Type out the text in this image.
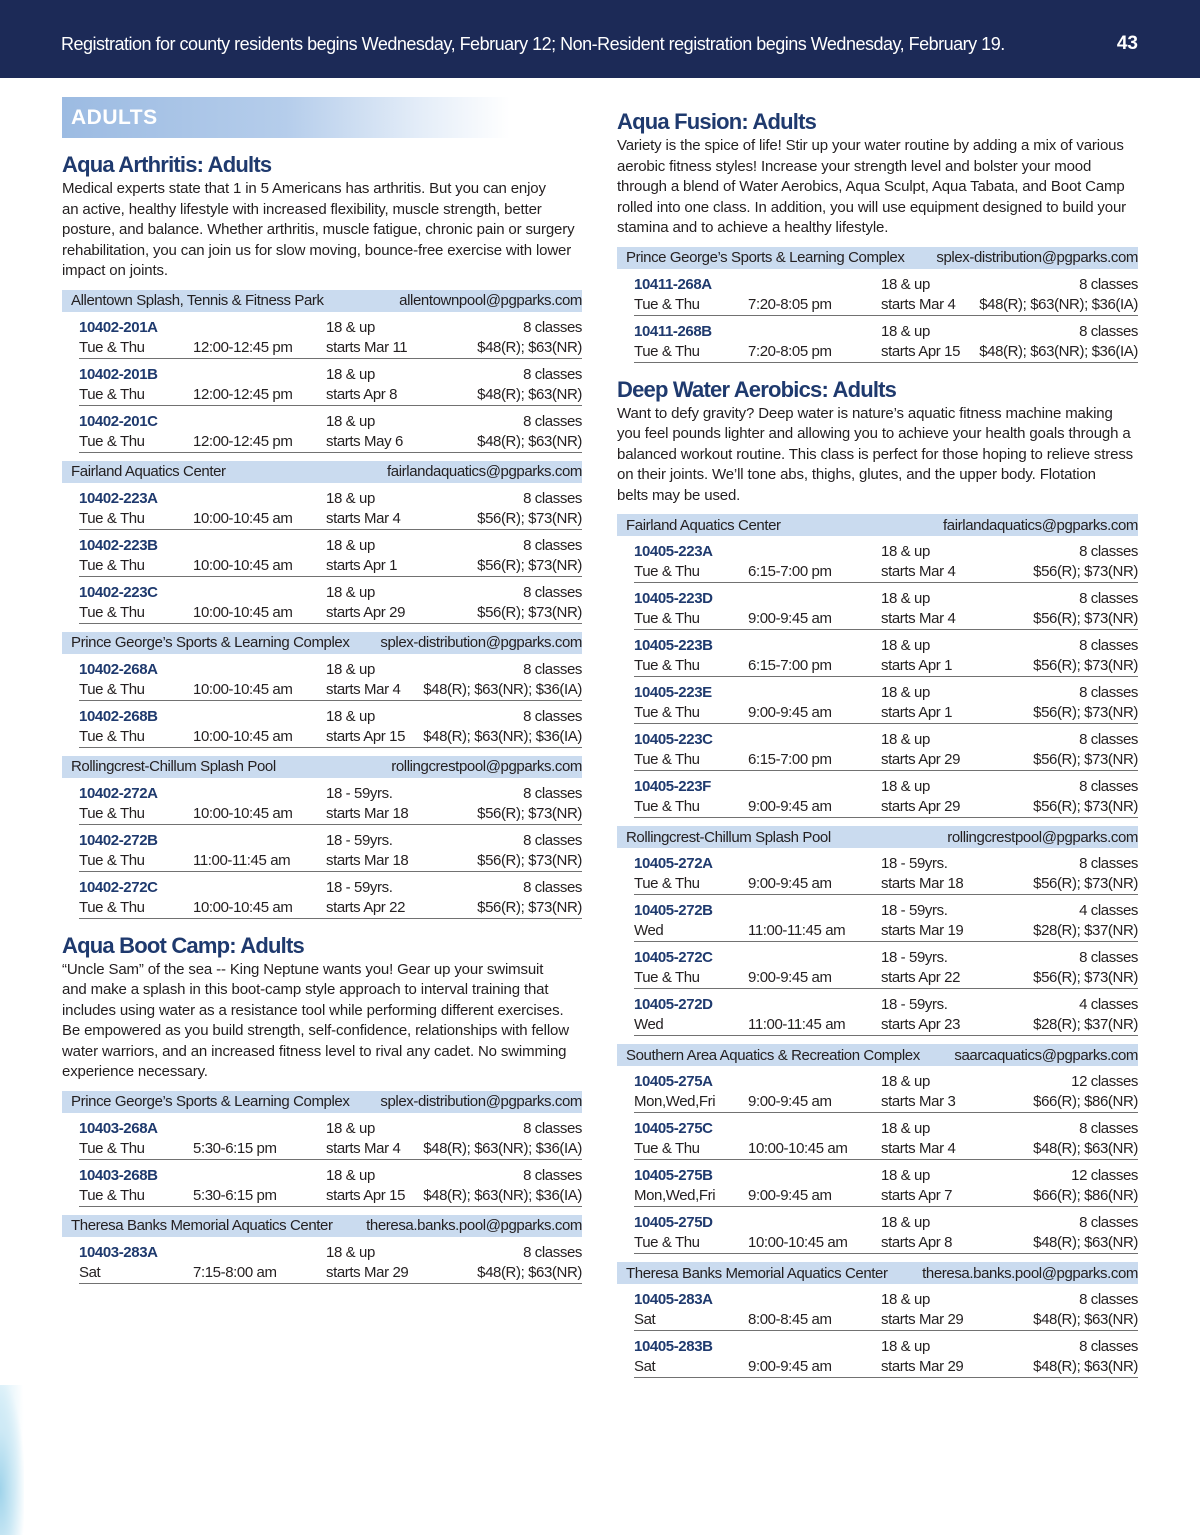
Registration for county residents begins Wednesday, February 12; Non-Resident registration begins Wednesday, February 19.	43
ADULTS
Aqua Arthritis: Adults
Medical experts state that 1 in 5 Americans has arthritis. But you can enjoy
an active, healthy lifestyle with increased flexibility, muscle strength, better
posture, and balance. Whether arthritis, muscle fatigue, chronic pain or surgery
rehabilitation, you can join us for slow moving, bounce-free exercise with lower
impact on joints.
Allentown Splash, Tennis & Fitness Park	allentownpool@pgparks.com
10402-201A	18 & up	8 classes
Tue & Thu	12:00-12:45 pm	starts Mar 11	$48(R); $63(NR)
10402-201B	18 & up	8 classes
Tue & Thu	12:00-12:45 pm	starts Apr 8	$48(R); $63(NR)
10402-201C	18 & up	8 classes
Tue & Thu	12:00-12:45 pm	starts May 6	$48(R); $63(NR)
Fairland Aquatics Center	fairlandaquatics@pgparks.com
10402-223A	18 & up	8 classes
Tue & Thu	10:00-10:45 am	starts Mar 4	$56(R); $73(NR)
10402-223B	18 & up	8 classes
Tue & Thu	10:00-10:45 am	starts Apr 1	$56(R); $73(NR)
10402-223C	18 & up	8 classes
Tue & Thu	10:00-10:45 am	starts Apr 29	$56(R); $73(NR)
Prince George’s Sports & Learning Complex splex-distribution@pgparks.com
10402-268A	18 & up	8 classes
Tue & Thu	10:00-10:45 am	starts Mar 4	$48(R); $63(NR); $36(IA)
10402-268B	18 & up	8 classes
Tue & Thu	10:00-10:45 am	starts Apr 15	$48(R); $63(NR); $36(IA)
Rollingcrest-Chillum Splash Pool	rollingcrestpool@pgparks.com
10402-272A	18 - 59yrs.	8 classes
Tue & Thu	10:00-10:45 am	starts Mar 18	$56(R); $73(NR)
10402-272B	18 - 59yrs.	8 classes
Tue & Thu	11:00-11:45 am	starts Mar 18	$56(R); $73(NR)
10402-272C	18 - 59yrs.	8 classes
Tue & Thu	10:00-10:45 am	starts Apr 22	$56(R); $73(NR)
Aqua Boot Camp: Adults
“Uncle Sam” of the sea -- King Neptune wants you! Gear up your swimsuit
and make a splash in this boot-camp style approach to interval training that
includes using water as a resistance tool while performing different exercises.
Be empowered as you build strength, self-confidence, relationships with fellow
water warriors, and an increased fitness level to rival any cadet. No swimming
experience necessary.
Prince George’s Sports & Learning Complex splex-distribution@pgparks.com
10403-268A	18 & up	8 classes
Tue & Thu	5:30-6:15 pm	starts Mar 4	$48(R); $63(NR); $36(IA)
10403-268B	18 & up	8 classes
Tue & Thu	5:30-6:15 pm	starts Apr 15	$48(R); $63(NR); $36(IA)
Theresa Banks Memorial Aquatics Center theresa.banks.pool@pgparks.com
10403-283A	18 & up	8 classes
Sat	7:15-8:00 am	starts Mar 29	$48(R); $63(NR)
Aqua Fusion: Adults
Variety is the spice of life! Stir up your water routine by adding a mix of various
aerobic fitness styles! Increase your strength level and bolster your mood
through a blend of Water Aerobics, Aqua Sculpt, Aqua Tabata, and Boot Camp
rolled into one class. In addition, you will use equipment designed to build your
stamina and to achieve a healthy lifestyle.
Prince George’s Sports & Learning Complex splex-distribution@pgparks.com
10411-268A	18 & up	8 classes
Tue & Thu	7:20-8:05 pm	starts Mar 4	$48(R); $63(NR); $36(IA)
10411-268B	18 & up	8 classes
Tue & Thu	7:20-8:05 pm	starts Apr 15	$48(R); $63(NR); $36(IA)
Deep Water Aerobics: Adults
Want to defy gravity? Deep water is nature’s aquatic fitness machine making
you feel pounds lighter and allowing you to achieve your health goals through a
balanced workout routine. This class is perfect for those hoping to relieve stress
on their joints. We’ll tone abs, thighs, glutes, and the upper body. Flotation
belts may be used.
Fairland Aquatics Center	fairlandaquatics@pgparks.com
10405-223A	18 & up	8 classes
Tue & Thu	6:15-7:00 pm	starts Mar 4	$56(R); $73(NR)
10405-223D	18 & up	8 classes
Tue & Thu	9:00-9:45 am	starts Mar 4	$56(R); $73(NR)
10405-223B	18 & up	8 classes
Tue & Thu	6:15-7:00 pm	starts Apr 1	$56(R); $73(NR)
10405-223E	18 & up	8 classes
Tue & Thu	9:00-9:45 am	starts Apr 1	$56(R); $73(NR)
10405-223C	18 & up	8 classes
Tue & Thu	6:15-7:00 pm	starts Apr 29	$56(R); $73(NR)
10405-223F	18 & up	8 classes
Tue & Thu	9:00-9:45 am	starts Apr 29	$56(R); $73(NR)
Rollingcrest-Chillum Splash Pool	rollingcrestpool@pgparks.com
10405-272A	18 - 59yrs.	8 classes
Tue & Thu	9:00-9:45 am	starts Mar 18	$56(R); $73(NR)
10405-272B	18 - 59yrs.	4 classes
Wed	11:00-11:45 am	starts Mar 19	$28(R); $37(NR)
10405-272C	18 - 59yrs.	8 classes
Tue & Thu	9:00-9:45 am	starts Apr 22	$56(R); $73(NR)
10405-272D	18 - 59yrs.	4 classes
Wed	11:00-11:45 am	starts Apr 23	$28(R); $37(NR)
Southern Area Aquatics & Recreation Complex saarcaquatics@pgparks.com
10405-275A	18 & up	12 classes
Mon,Wed,Fri	9:00-9:45 am	starts Mar 3	$66(R); $86(NR)
10405-275C	18 & up	8 classes
Tue & Thu	10:00-10:45 am	starts Mar 4	$48(R); $63(NR)
10405-275B	18 & up	12 classes
Mon,Wed,Fri	9:00-9:45 am	starts Apr 7	$66(R); $86(NR)
10405-275D	18 & up	8 classes
Tue & Thu	10:00-10:45 am	starts Apr 8	$48(R); $63(NR)
Theresa Banks Memorial Aquatics Center theresa.banks.pool@pgparks.com
10405-283A	18 & up	8 classes
Sat	8:00-8:45 am	starts Mar 29	$48(R); $63(NR)
10405-283B	18 & up	8 classes
Sat	9:00-9:45 am	starts Mar 29	$48(R); $63(NR)
